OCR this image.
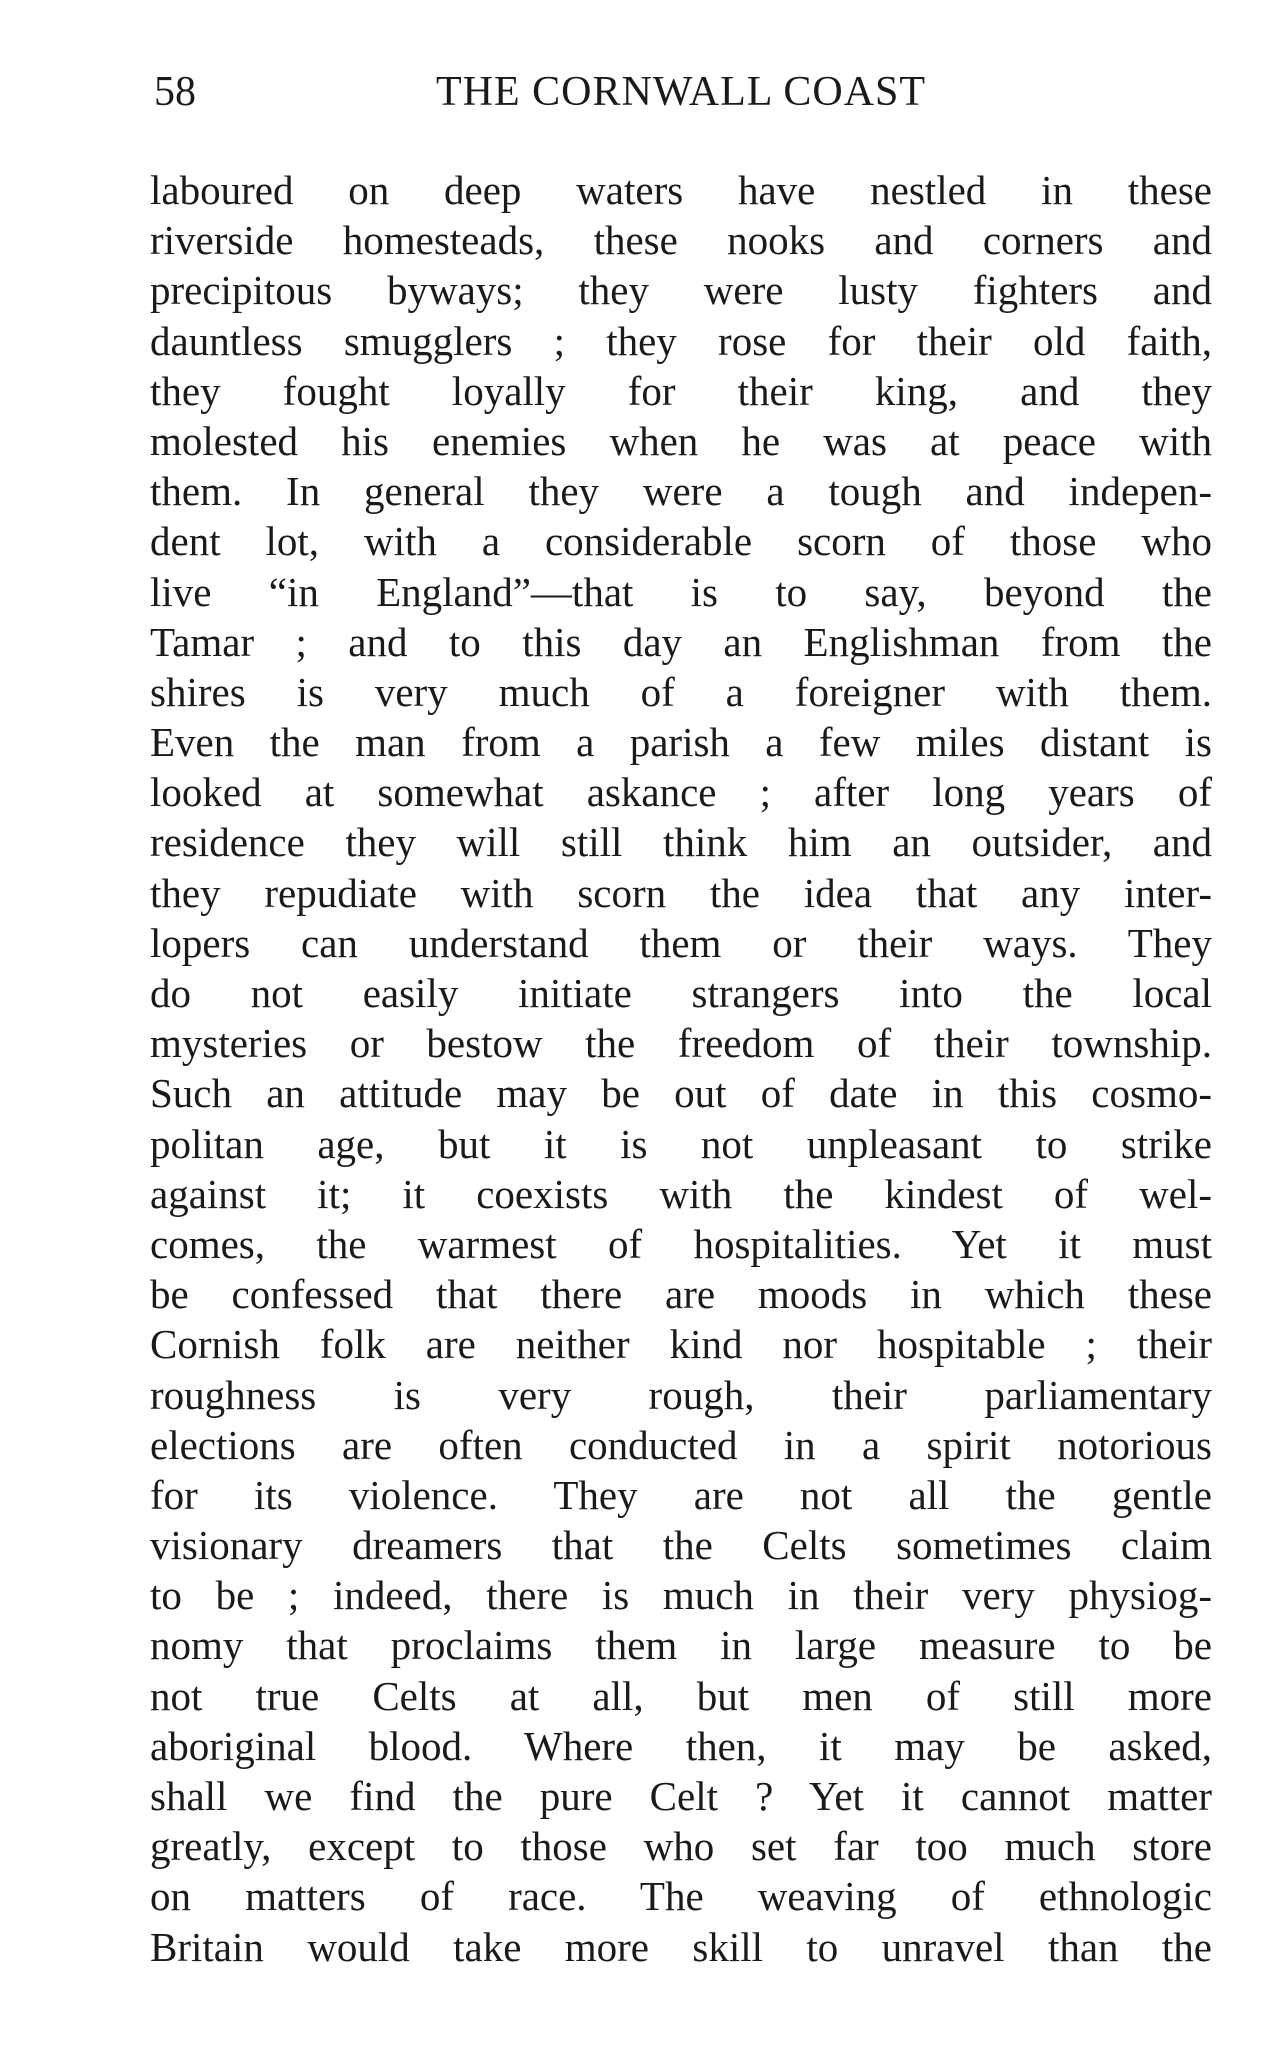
58	THE CORNWALL COAST
laboured on deep waters have nestled in these
riverside homesteads, these nooks and corners and
precipitous byways; they were lusty fighters and
dauntless smugglers ; they rose for their old faith,
they fought loyally for their king, and they
molested his enemies when he was at peace with
them. In general they were a tough and indepen-
dent lot, with a considerable scorn of those who
live “in England”—that is to say, beyond the
Tamar ; and to this day an Englishman from the
shires is very much of a foreigner with them.
Even the man from a parish a few miles distant is
looked at somewhat askance ; after long years of
residence they will still think him an outsider, and
they repudiate with scorn the idea that any inter-
lopers can understand them or their ways. They
do not easily initiate strangers into the local
mysteries or bestow the freedom of their township.
Such an attitude may be out of date in this cosmo-
politan age, but it is not unpleasant to strike
against it; it coexists with the kindest of wel-
comes, the warmest of hospitalities. Yet it must
be confessed that there are moods in which these
Cornish folk are neither kind nor hospitable ; their
roughness is very rough, their parliamentary
elections are often conducted in a spirit notorious
for its violence. They are not all the gentle
visionary dreamers that the Celts sometimes claim
to be ; indeed, there is much in their very physiog-
nomy that proclaims them in large measure to be
not true Celts at all, but men of still more
aboriginal blood. Where then, it may be asked,
shall we find the pure Celt ? Yet it cannot matter
greatly, except to those who set far too much store
on matters of race. The weaving of ethnologic
Britain would take more skill to unravel than the
